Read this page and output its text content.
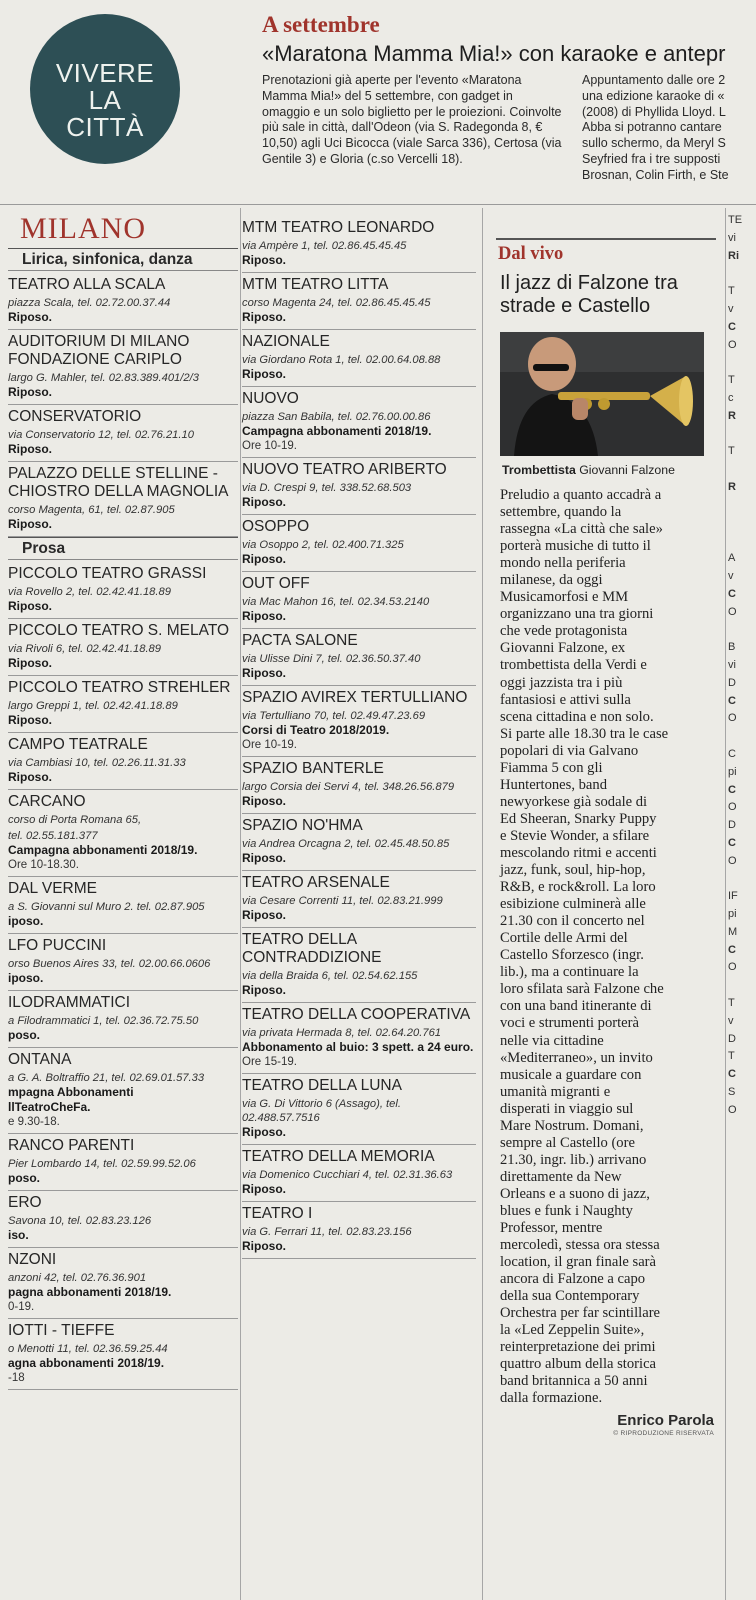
VIVERE
LA
CITTÀ
A settembre
«Maratona Mamma Mia!» con karaoke e antepr
Prenotazioni già aperte per l'evento «Maratona Mamma Mia!» del 5 settembre, con gadget in omaggio e un solo biglietto per le proiezioni. Coinvolte più sale in città, dall'Odeon (via S. Radegonda 8, € 10,50) agli Uci Bicocca (viale Sarca 336), Certosa (via Gentile 3) e Gloria (c.so Vercelli 18).
Appuntamento dalle ore 2
una edizione karaoke di «
(2008) di Phyllida Lloyd. L
Abba si potranno cantare
sullo schermo, da Meryl S
Seyfried fra i tre supposti
Brosnan, Colin Firth, e Ste
MILANO
Lirica, sinfonica, danza
TEATRO ALLA SCALA
piazza Scala, tel. 02.72.00.37.44
Riposo.
AUDITORIUM DI MILANO FONDAZIONE CARIPLO
largo G. Mahler, tel. 02.83.389.401/2/3
Riposo.
CONSERVATORIO
via Conservatorio 12, tel. 02.76.21.10
Riposo.
PALAZZO DELLE STELLINE - CHIOSTRO DELLA MAGNOLIA
corso Magenta, 61, tel. 02.87.905
Riposo.
Prosa
PICCOLO TEATRO GRASSI
via Rovello 2, tel. 02.42.41.18.89
Riposo.
PICCOLO TEATRO S. MELATO
via Rivoli 6, tel. 02.42.41.18.89
Riposo.
PICCOLO TEATRO STREHLER
largo Greppi 1, tel. 02.42.41.18.89
Riposo.
CAMPO TEATRALE
via Cambiasi 10, tel. 02.26.11.31.33
Riposo.
CARCANO
corso di Porta Romana 65,
tel. 02.55.181.377
Campagna abbonamenti 2018/19.
Ore 10-18.30.
DAL VERME
a S. Giovanni sul Muro 2. tel. 02.87.905
iposo.
LFO PUCCINI
orso Buenos Aires 33, tel. 02.00.66.0606
iposo.
ILODRAMMATICI
a Filodrammatici 1, tel. 02.36.72.75.50
poso.
ONTANA
a G. A. Boltraffio 21, tel. 02.69.01.57.33
mpagna Abbonamenti
llTeatroCheFa.
e 9.30-18.
RANCO PARENTI
Pier Lombardo 14, tel. 02.59.99.52.06
poso.
ERO
Savona 10, tel. 02.83.23.126
iso.
NZONI
anzoni 42, tel. 02.76.36.901
pagna abbonamenti 2018/19.
0-19.
IOTTI - TIEFFE
o Menotti 11, tel. 02.36.59.25.44
agna abbonamenti 2018/19.
-18
MTM TEATRO LEONARDO
via Ampère 1, tel. 02.86.45.45.45
Riposo.
MTM TEATRO LITTA
corso Magenta 24, tel. 02.86.45.45.45
Riposo.
NAZIONALE
via Giordano Rota 1, tel. 02.00.64.08.88
Riposo.
NUOVO
piazza San Babila, tel. 02.76.00.00.86
Campagna abbonamenti 2018/19.
Ore 10-19.
NUOVO TEATRO ARIBERTO
via D. Crespi 9, tel. 338.52.68.503
Riposo.
OSOPPO
via Osoppo 2, tel. 02.400.71.325
Riposo.
OUT OFF
via Mac Mahon 16, tel. 02.34.53.2140
Riposo.
PACTA SALONE
via Ulisse Dini 7, tel. 02.36.50.37.40
Riposo.
SPAZIO AVIREX TERTULLIANO
via Tertulliano 70, tel. 02.49.47.23.69
Corsi di Teatro 2018/2019.
Ore 10-19.
SPAZIO BANTERLE
largo Corsia dei Servi 4, tel. 348.26.56.879
Riposo.
SPAZIO NO'HMA
via Andrea Orcagna 2, tel. 02.45.48.50.85
Riposo.
TEATRO ARSENALE
via Cesare Correnti 11, tel. 02.83.21.999
Riposo.
TEATRO DELLA CONTRADDIZIONE
via della Braida 6, tel. 02.54.62.155
Riposo.
TEATRO DELLA COOPERATIVA
via privata Hermada 8, tel. 02.64.20.761
Abbonamento al buio: 3 spett. a 24 euro.
Ore 15-19.
TEATRO DELLA LUNA
via G. Di Vittorio 6 (Assago), tel. 02.488.57.7516
Riposo.
TEATRO DELLA MEMORIA
via Domenico Cucchiari 4, tel. 02.31.36.63
Riposo.
TEATRO I
via G. Ferrari 11, tel. 02.83.23.156
Riposo.
Dal vivo
Il jazz di Falzone tra strade e Castello
Trombettista Giovanni Falzone
Preludio a quanto accadrà a
settembre, quando la
rassegna «La città che sale»
porterà musiche di tutto il
mondo nella periferia
milanese, da oggi
Musicamorfosi e MM
organizzano una tra giorni
che vede protagonista
Giovanni Falzone, ex
trombettista della Verdi e
oggi jazzista tra i più
fantasiosi e attivi sulla
scena cittadina e non solo.
Si parte alle 18.30 tra le case
popolari di via Galvano
Fiamma 5 con gli
Huntertones, band
newyorkese già sodale di
Ed Sheeran, Snarky Puppy
e Stevie Wonder, a sfilare
mescolando ritmi e accenti
jazz, funk, soul, hip-hop,
R&B, e rock&roll. La loro
esibizione culminerà alle
21.30 con il concerto nel
Cortile delle Armi del
Castello Sforzesco (ingr.
lib.), ma a continuare la
loro sfilata sarà Falzone che
con una band itinerante di
voci e strumenti porterà
nelle via cittadine
«Mediterraneo», un invito
musicale a guardare con
umanità migranti e
disperati in viaggio sul
Mare Nostrum. Domani,
sempre al Castello (ore
21.30, ingr. lib.) arrivano
direttamente da New
Orleans e a suono di jazz,
blues e funk i Naughty
Professor, mentre
mercoledì, stessa ora stessa
location, il gran finale sarà
ancora di Falzone a capo
della sua Contemporary
Orchestra per far scintillare
la «Led Zeppelin Suite»,
reinterpretazione dei primi
quattro album della storica
band britannica a 50 anni
dalla formazione.
Enrico Parola
© RIPRODUZIONE RISERVATA
TE
vi
Ri
T
v
C
O
T
c
R
T
R
A
v
C
O
B
vi
D
C
O
C
pi
C
O
D
C
O
IF
pi
M
C
O
T
v
D
T
C
S
O
